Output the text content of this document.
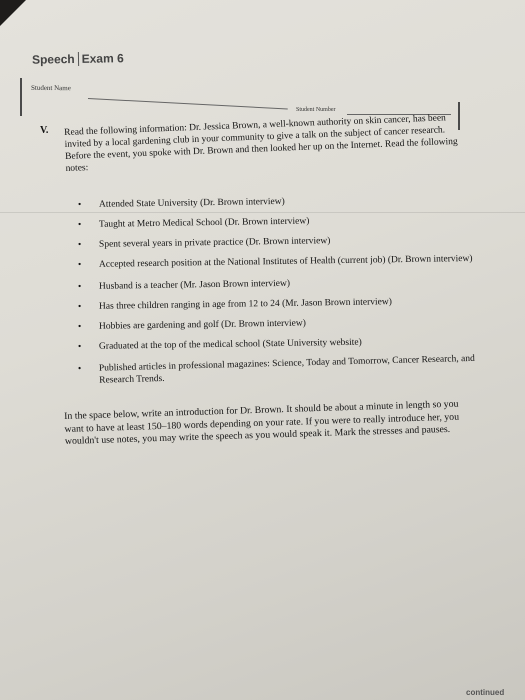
Speech Exam 6
Student Name
Student Number
V. Read the following information: Dr. Jessica Brown, a well-known authority on skin cancer, has been invited by a local gardening club in your community to give a talk on the subject of cancer research. Before the event, you spoke with Dr. Brown and then looked her up on the Internet. Read the following notes:
• Attended State University (Dr. Brown interview)
• Taught at Metro Medical School (Dr. Brown interview)
• Spent several years in private practice (Dr. Brown interview)
• Accepted research position at the National Institutes of Health (current job) (Dr. Brown interview)
• Husband is a teacher (Mr. Jason Brown interview)
• Has three children ranging in age from 12 to 24 (Mr. Jason Brown interview)
• Hobbies are gardening and golf (Dr. Brown interview)
• Graduated at the top of the medical school (State University website)
• Published articles in professional magazines: Science, Today and Tomorrow, Cancer Research, and Research Trends.
In the space below, write an introduction for Dr. Brown. It should be about a minute in length so you want to have at least 150–180 words depending on your rate. If you were to really introduce her, you wouldn't use notes, you may write the speech as you would speak it. Mark the stresses and pauses.
continued
